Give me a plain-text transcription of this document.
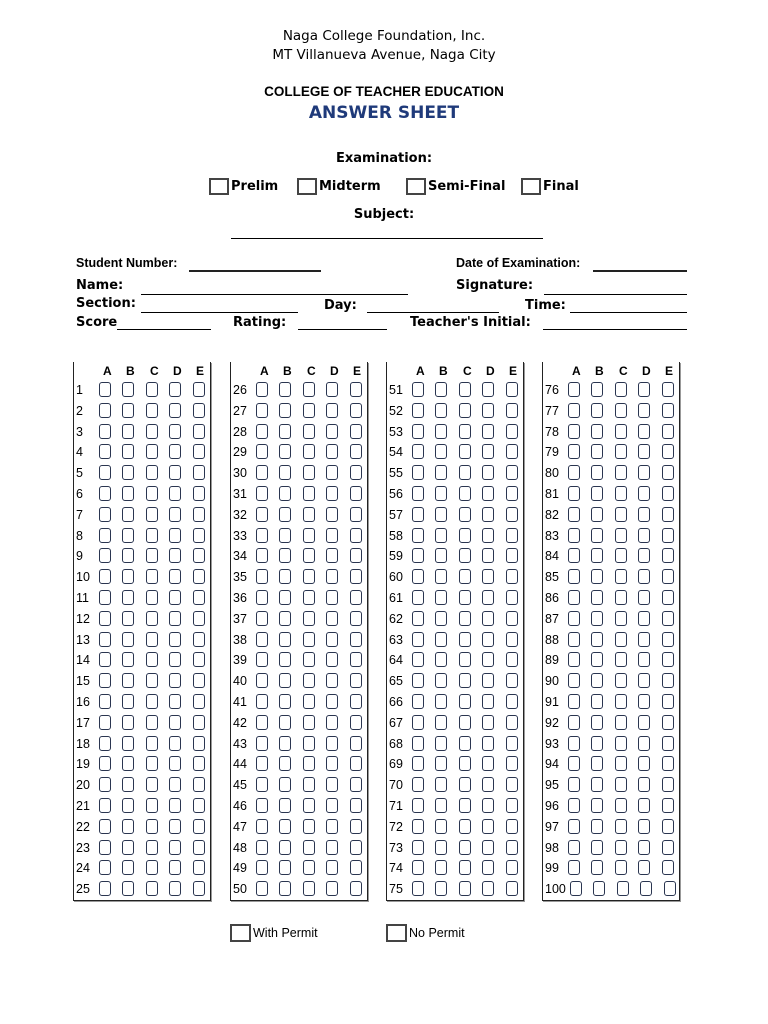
Naga College Foundation, Inc.
MT Villanueva Avenue, Naga City
COLLEGE OF TEACHER EDUCATION
ANSWER SHEET
Examination:
Prelim	Midterm	Semi-Final	Final
Subject:
Student Number:	Date of Examination:
Name:	Signature:
Section:	Day:	Time:
Score	Rating:	Teacher's Initial:
A B C D E
1
2
3
4
5
6
7
8
9
10
11
12
13
14
15
16
17
18
19
20
21
22
23
24
25
A B C D E
26
27
28
29
30
31
32
33
34
35
36
37
38
39
40
41
42
43
44
45
46
47
48
49
50
A B C D E
51
52
53
54
55
56
57
58
59
60
61
62
63
64
65
66
67
68
69
70
71
72
73
74
75
A B C D E
76
77
78
79
80
81
82
83
84
85
86
87
88
89
90
91
92
93
94
95
96
97
98
99
100
With Permit	No Permit
